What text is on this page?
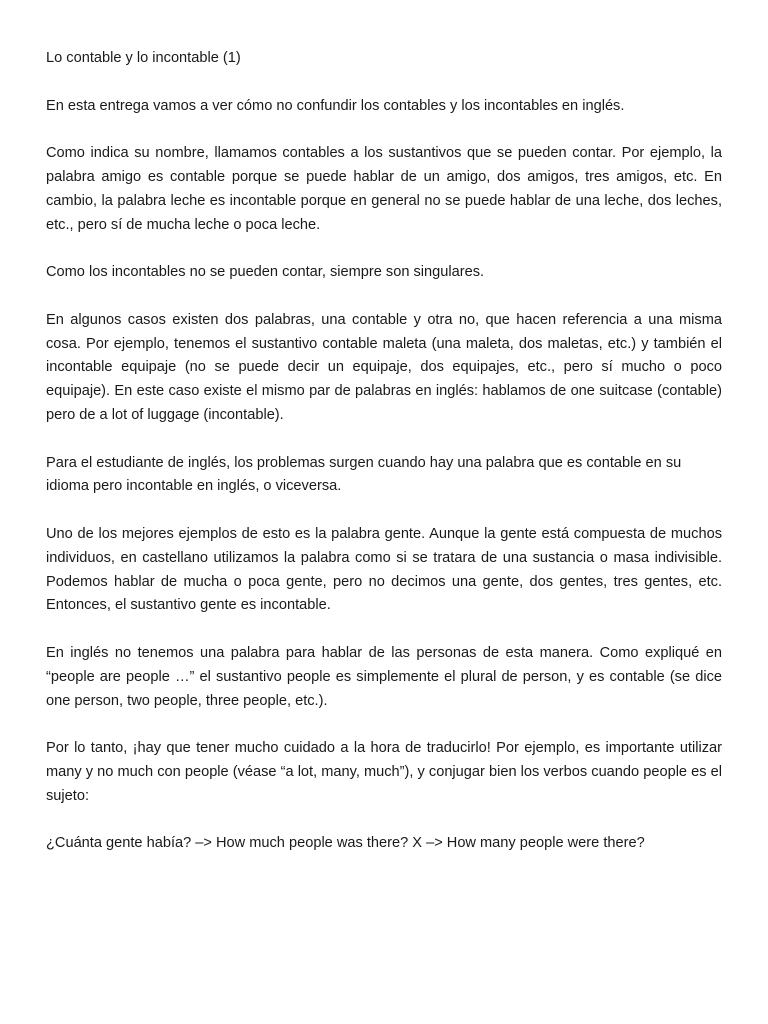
Lo contable y lo incontable (1)

En esta entrega vamos a ver cómo no confundir los contables y los incontables en inglés.

Como indica su nombre, llamamos contables a los sustantivos que se pueden contar. Por ejemplo, la palabra amigo es contable porque se puede hablar de un amigo, dos amigos, tres amigos, etc. En cambio, la palabra leche es incontable porque en general no se puede hablar de una leche, dos leches, etc., pero sí de mucha leche o poca leche.

Como los incontables no se pueden contar, siempre son singulares.

En algunos casos existen dos palabras, una contable y otra no, que hacen referencia a una misma cosa. Por ejemplo, tenemos el sustantivo contable maleta (una maleta, dos maletas, etc.) y también el incontable equipaje (no se puede decir un equipaje, dos equipajes, etc., pero sí mucho o poco equipaje). En este caso existe el mismo par de palabras en inglés: hablamos de one suitcase (contable) pero de a lot of luggage (incontable).

Para el estudiante de inglés, los problemas surgen cuando hay una palabra que es contable en su idioma pero incontable en inglés, o viceversa.

Uno de los mejores ejemplos de esto es la palabra gente. Aunque la gente está compuesta de muchos individuos, en castellano utilizamos la palabra como si se tratara de una sustancia o masa indivisible. Podemos hablar de mucha o poca gente, pero no decimos una gente, dos gentes, tres gentes, etc. Entonces, el sustantivo gente es incontable.

En inglés no tenemos una palabra para hablar de las personas de esta manera. Como expliqué en “people are people …” el sustantivo people es simplemente el plural de person, y es contable (se dice one person, two people, three people, etc.).

Por lo tanto, ¡hay que tener mucho cuidado a la hora de traducirlo! Por ejemplo, es importante utilizar many y no much con people (véase “a lot, many, much”), y conjugar bien los verbos cuando people es el sujeto:

¿Cuánta gente había? –> How much people was there? X –> How many people were there?
